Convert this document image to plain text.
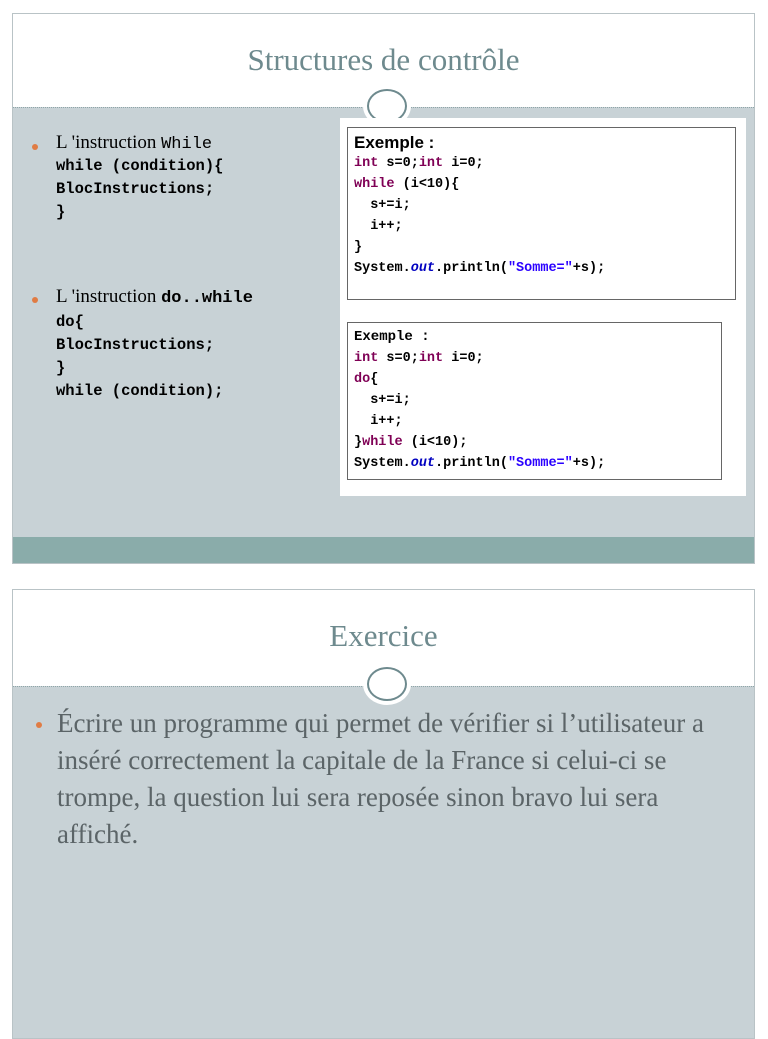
Structures de contrôle
L 'instruction While
while (condition){
BlocInstructions;
}
L 'instruction do..while
do{
BlocInstructions;
}
while (condition);
Exemple :
int s=0;int i=0;
while (i<10){
s+=i;
i++;
}
System.out.println("Somme="+s);
Exemple :
int s=0;int i=0;
do{
s+=i;
i++;
}while (i<10);
System.out.println("Somme="+s);
Exercice
Écrire un programme qui permet de vérifier si l’utilisateur a inséré correctement la capitale de la France si celui-ci se trompe, la question lui sera reposée sinon bravo lui sera affiché.
